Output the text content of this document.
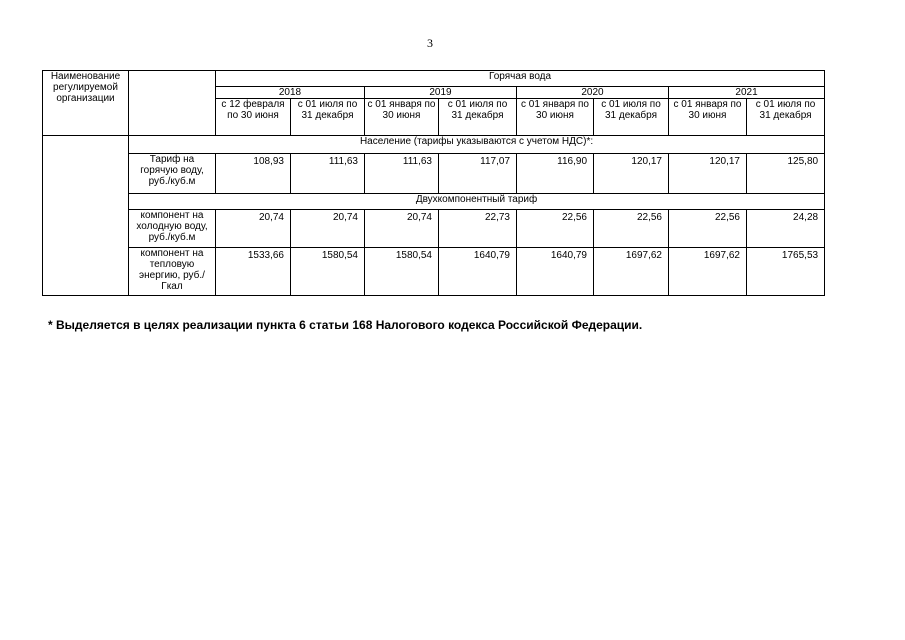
3
Наименование регулируемой организации		Горячая вода							
		2018		2019		2020		2021	
		с 12 февраля по 30 июня	с 01 июля по 31 декабря	с 01 января по 30 июня	с 01 июля по 31 декабря	с 01 января по 30 июня	с 01 июля по 31 декабря	с 01 января по 30 июня	с 01 июля по 31 декабря
	Население (тарифы указываются с учетом НДС)*:								
	Тариф на горячую воду, руб./куб.м	108,93	111,63	111,63	117,07	116,90	120,17	120,17	125,80
	Двухкомпонентный тариф								
	компонент на холодную воду, руб./куб.м	20,74	20,74	20,74	22,73	22,56	22,56	22,56	24,28
	компонент на тепловую энергию, руб./Гкал	1533,66	1580,54	1580,54	1640,79	1640,79	1697,62	1697,62	1765,53
* Выделяется в целях реализации пункта 6 статьи 168 Налогового кодекса Российской Федерации.
